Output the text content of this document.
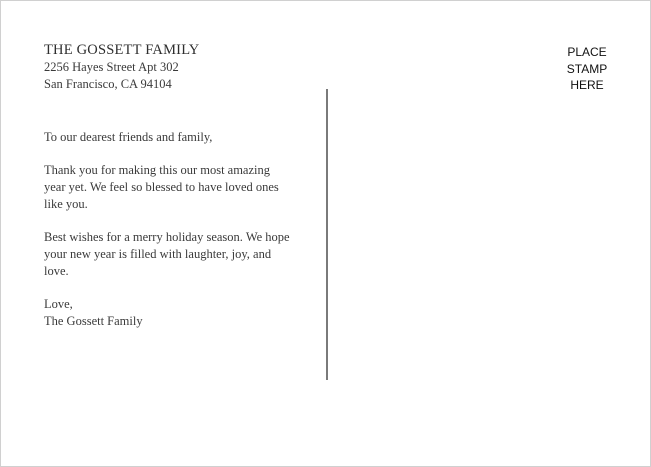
THE GOSSETT FAMILY
2256 Hayes Street Apt 302
San Francisco, CA 94104

To our dearest friends and family,

Thank you for making this our most amazing year yet. We feel so blessed to have loved ones like you.

Best wishes for a merry holiday season. We hope your new year is filled with laughter, joy, and love.

Love,
The Gossett Family
PLACE
STAMP
HERE
